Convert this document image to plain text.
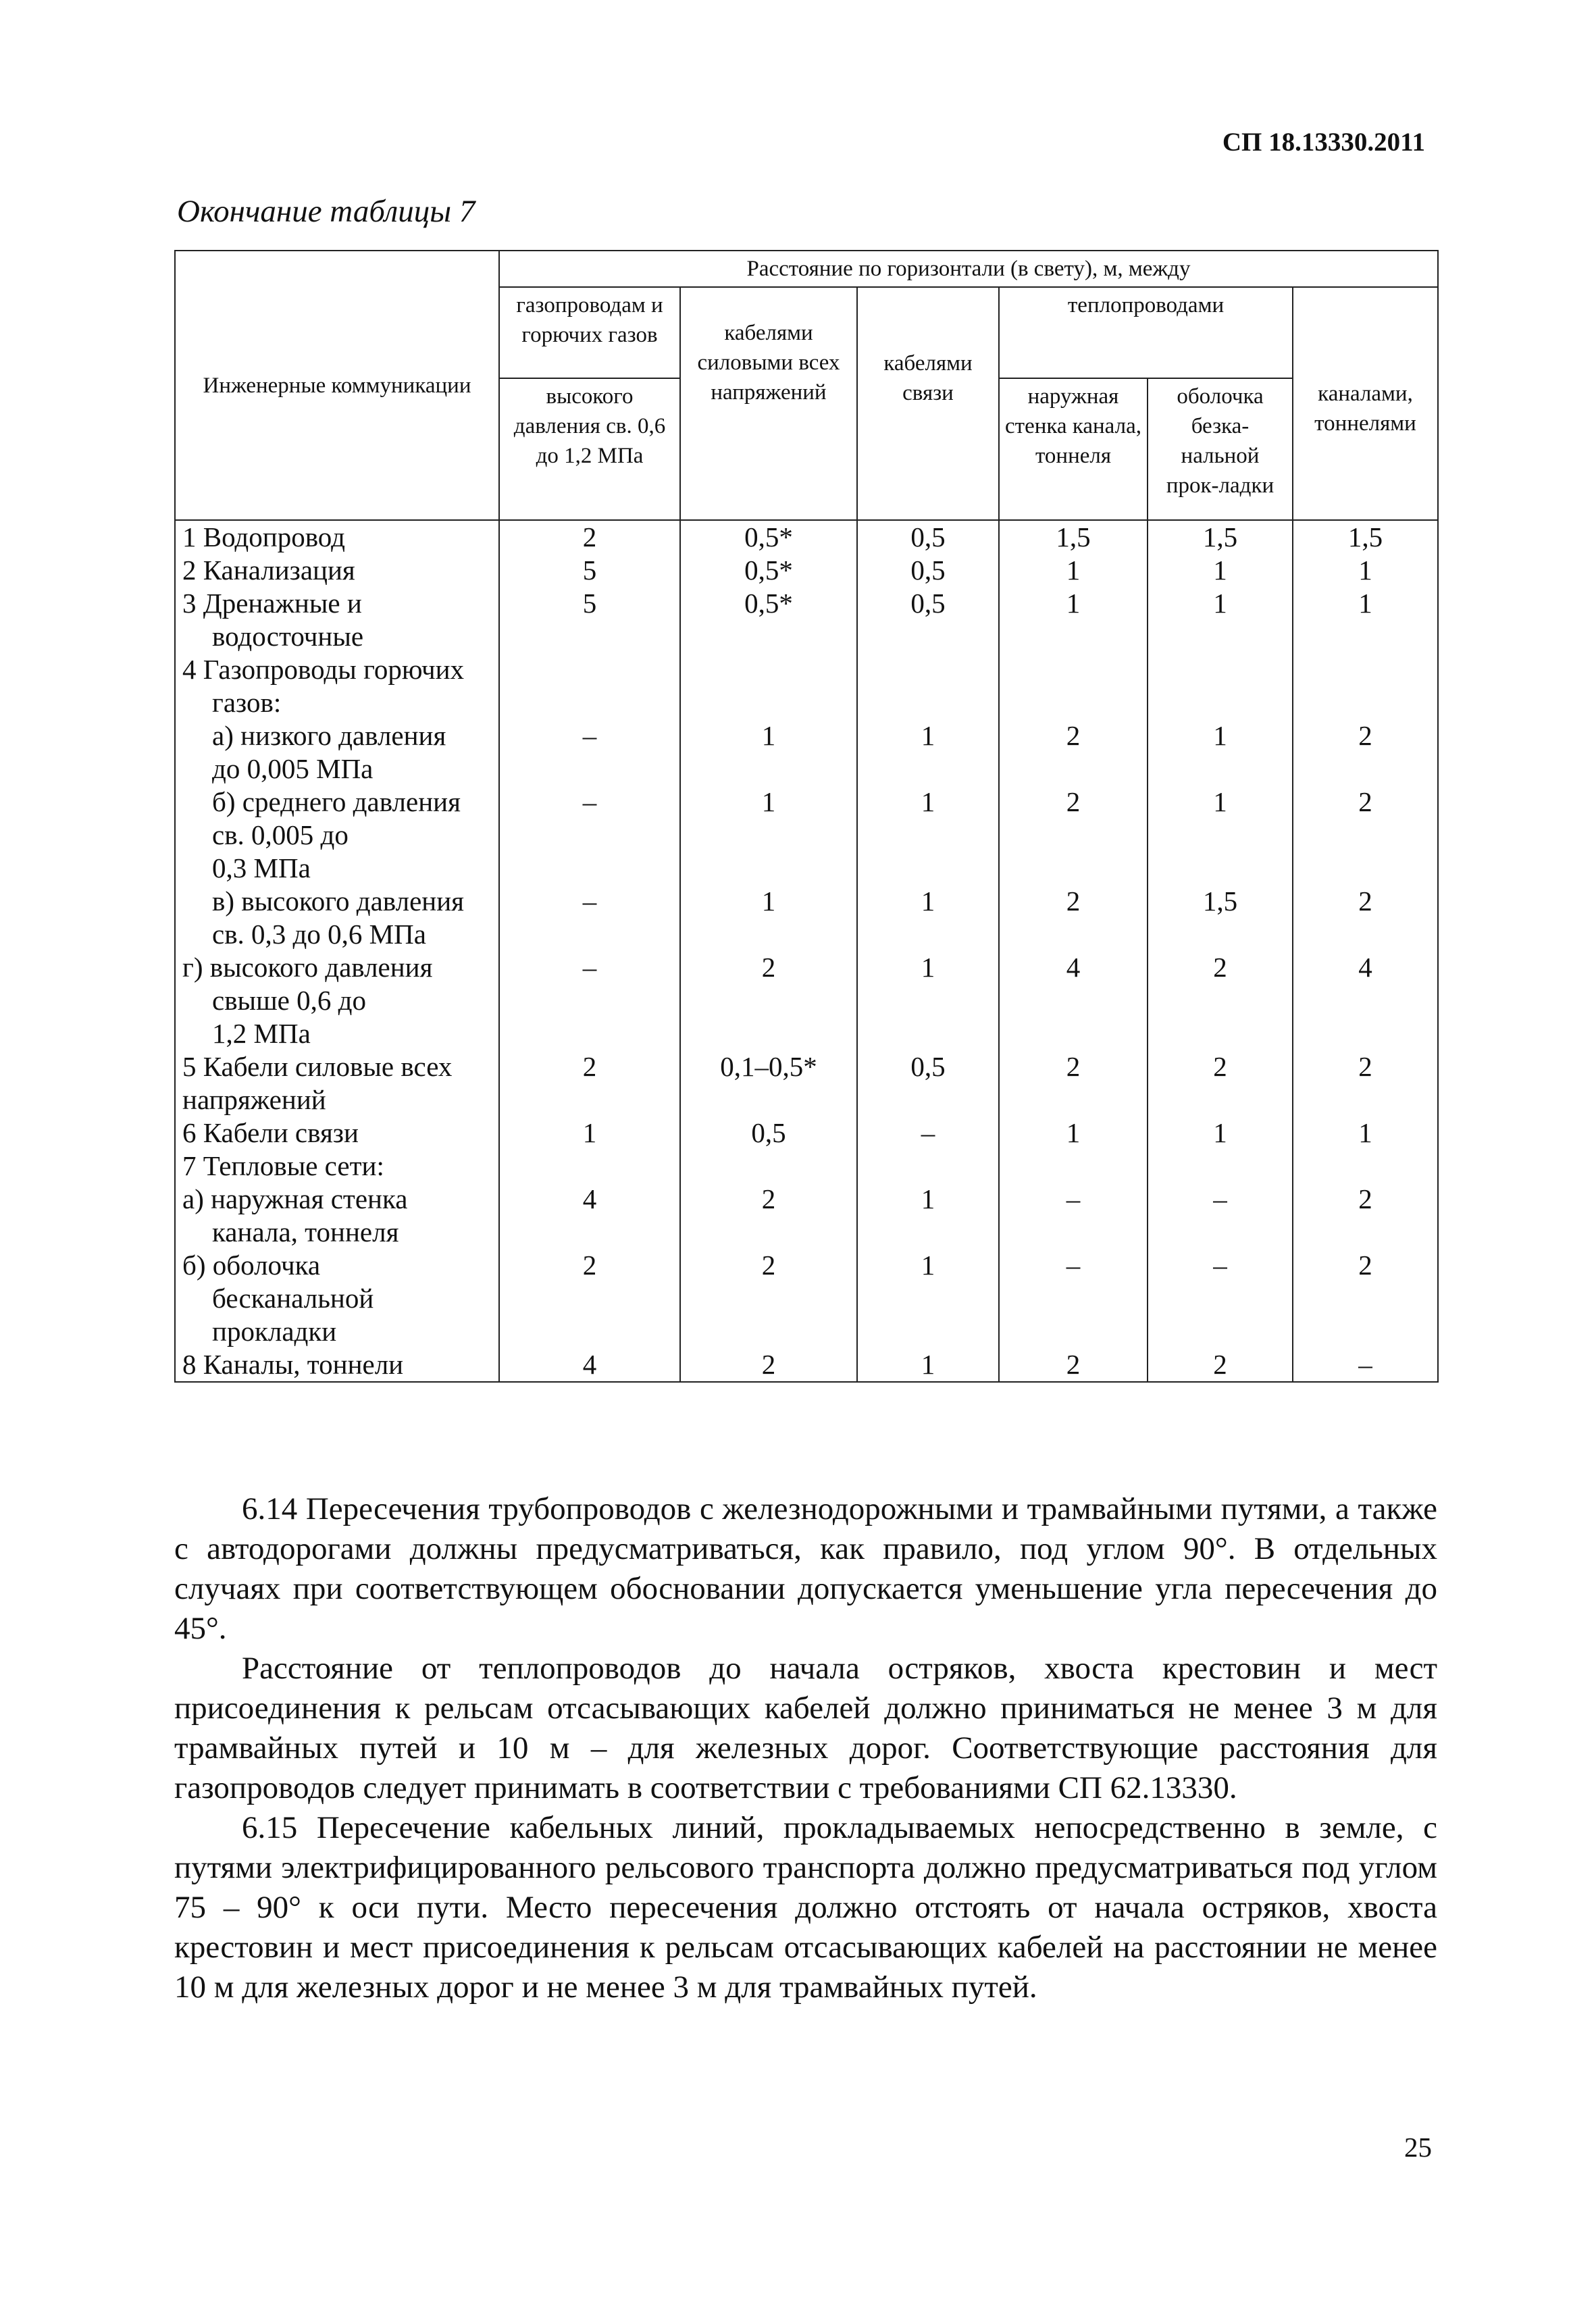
СП 18.13330.2011
Окончание таблицы 7
Инженерные коммуникации	Расстояние по горизонтали (в свету), м, между					
	газопроводам и горючих газов	кабелями силовыми всех напряжений	кабелями связи	теплопроводами		каналами, тоннелями
	высокого давления св. 0,6 до 1,2 МПа			наружная стенка канала, тоннеля	оболочка безка-нальной прок-ладки	

1 Водопровод	2	0,5*	0,5	1,5	1,5	1,5

2 Канализация	5	0,5*	0,5	1	1	1

3 Дренажные и
водосточные	5	0,5*	0,5	1	1	1

4 Газопроводы горючих
газов:						

а) низкого давления
до 0,005 МПа	–	1	1	2	1	2

б) среднего давления
св. 0,005 до
0,3 МПа	–	1	1	2	1	2

в) высокого давления
св. 0,3 до 0,6 МПа	–	1	1	2	1,5	2

г) высокого давления
свыше 0,6 до
1,2 МПа	–	2	1	4	2	4

5 Кабели силовые всех
напряжений	2	0,1–0,5*	0,5	2	2	2

6 Кабели связи	1	0,5	–	1	1	1

7 Тепловые сети:						

а) наружная стенка
канала, тоннеля	4	2	1	–	–	2

б) оболочка
бесканальной
прокладки	2	2	1	–	–	2

8 Каналы, тоннели	4	2	1	2	2	–

6.14 Пересечения трубопроводов с железнодорожными и трамвайными путями, а также с автодорогами должны предусматриваться, как правило, под углом 90°. В отдельных случаях при соответствующем обосновании допускается уменьшение угла пересечения до 45°.

Расстояние от теплопроводов до начала остряков, хвоста крестовин и мест присоединения к рельсам отсасывающих кабелей должно приниматься не менее 3 м для трамвайных путей и 10 м – для железных дорог. Соответствующие расстояния для газопроводов следует принимать в соответствии с требованиями СП 62.13330.

6.15 Пересечение кабельных линий, прокладываемых непосредственно в земле, с путями электрифицированного рельсового транспорта должно предусматриваться под углом 75 – 90° к оси пути. Место пересечения должно отстоять от начала остряков, хвоста крестовин и мест присоединения к рельсам отсасывающих кабелей на расстоянии не менее 10 м для железных дорог и не менее 3 м для трамвайных путей.

25
